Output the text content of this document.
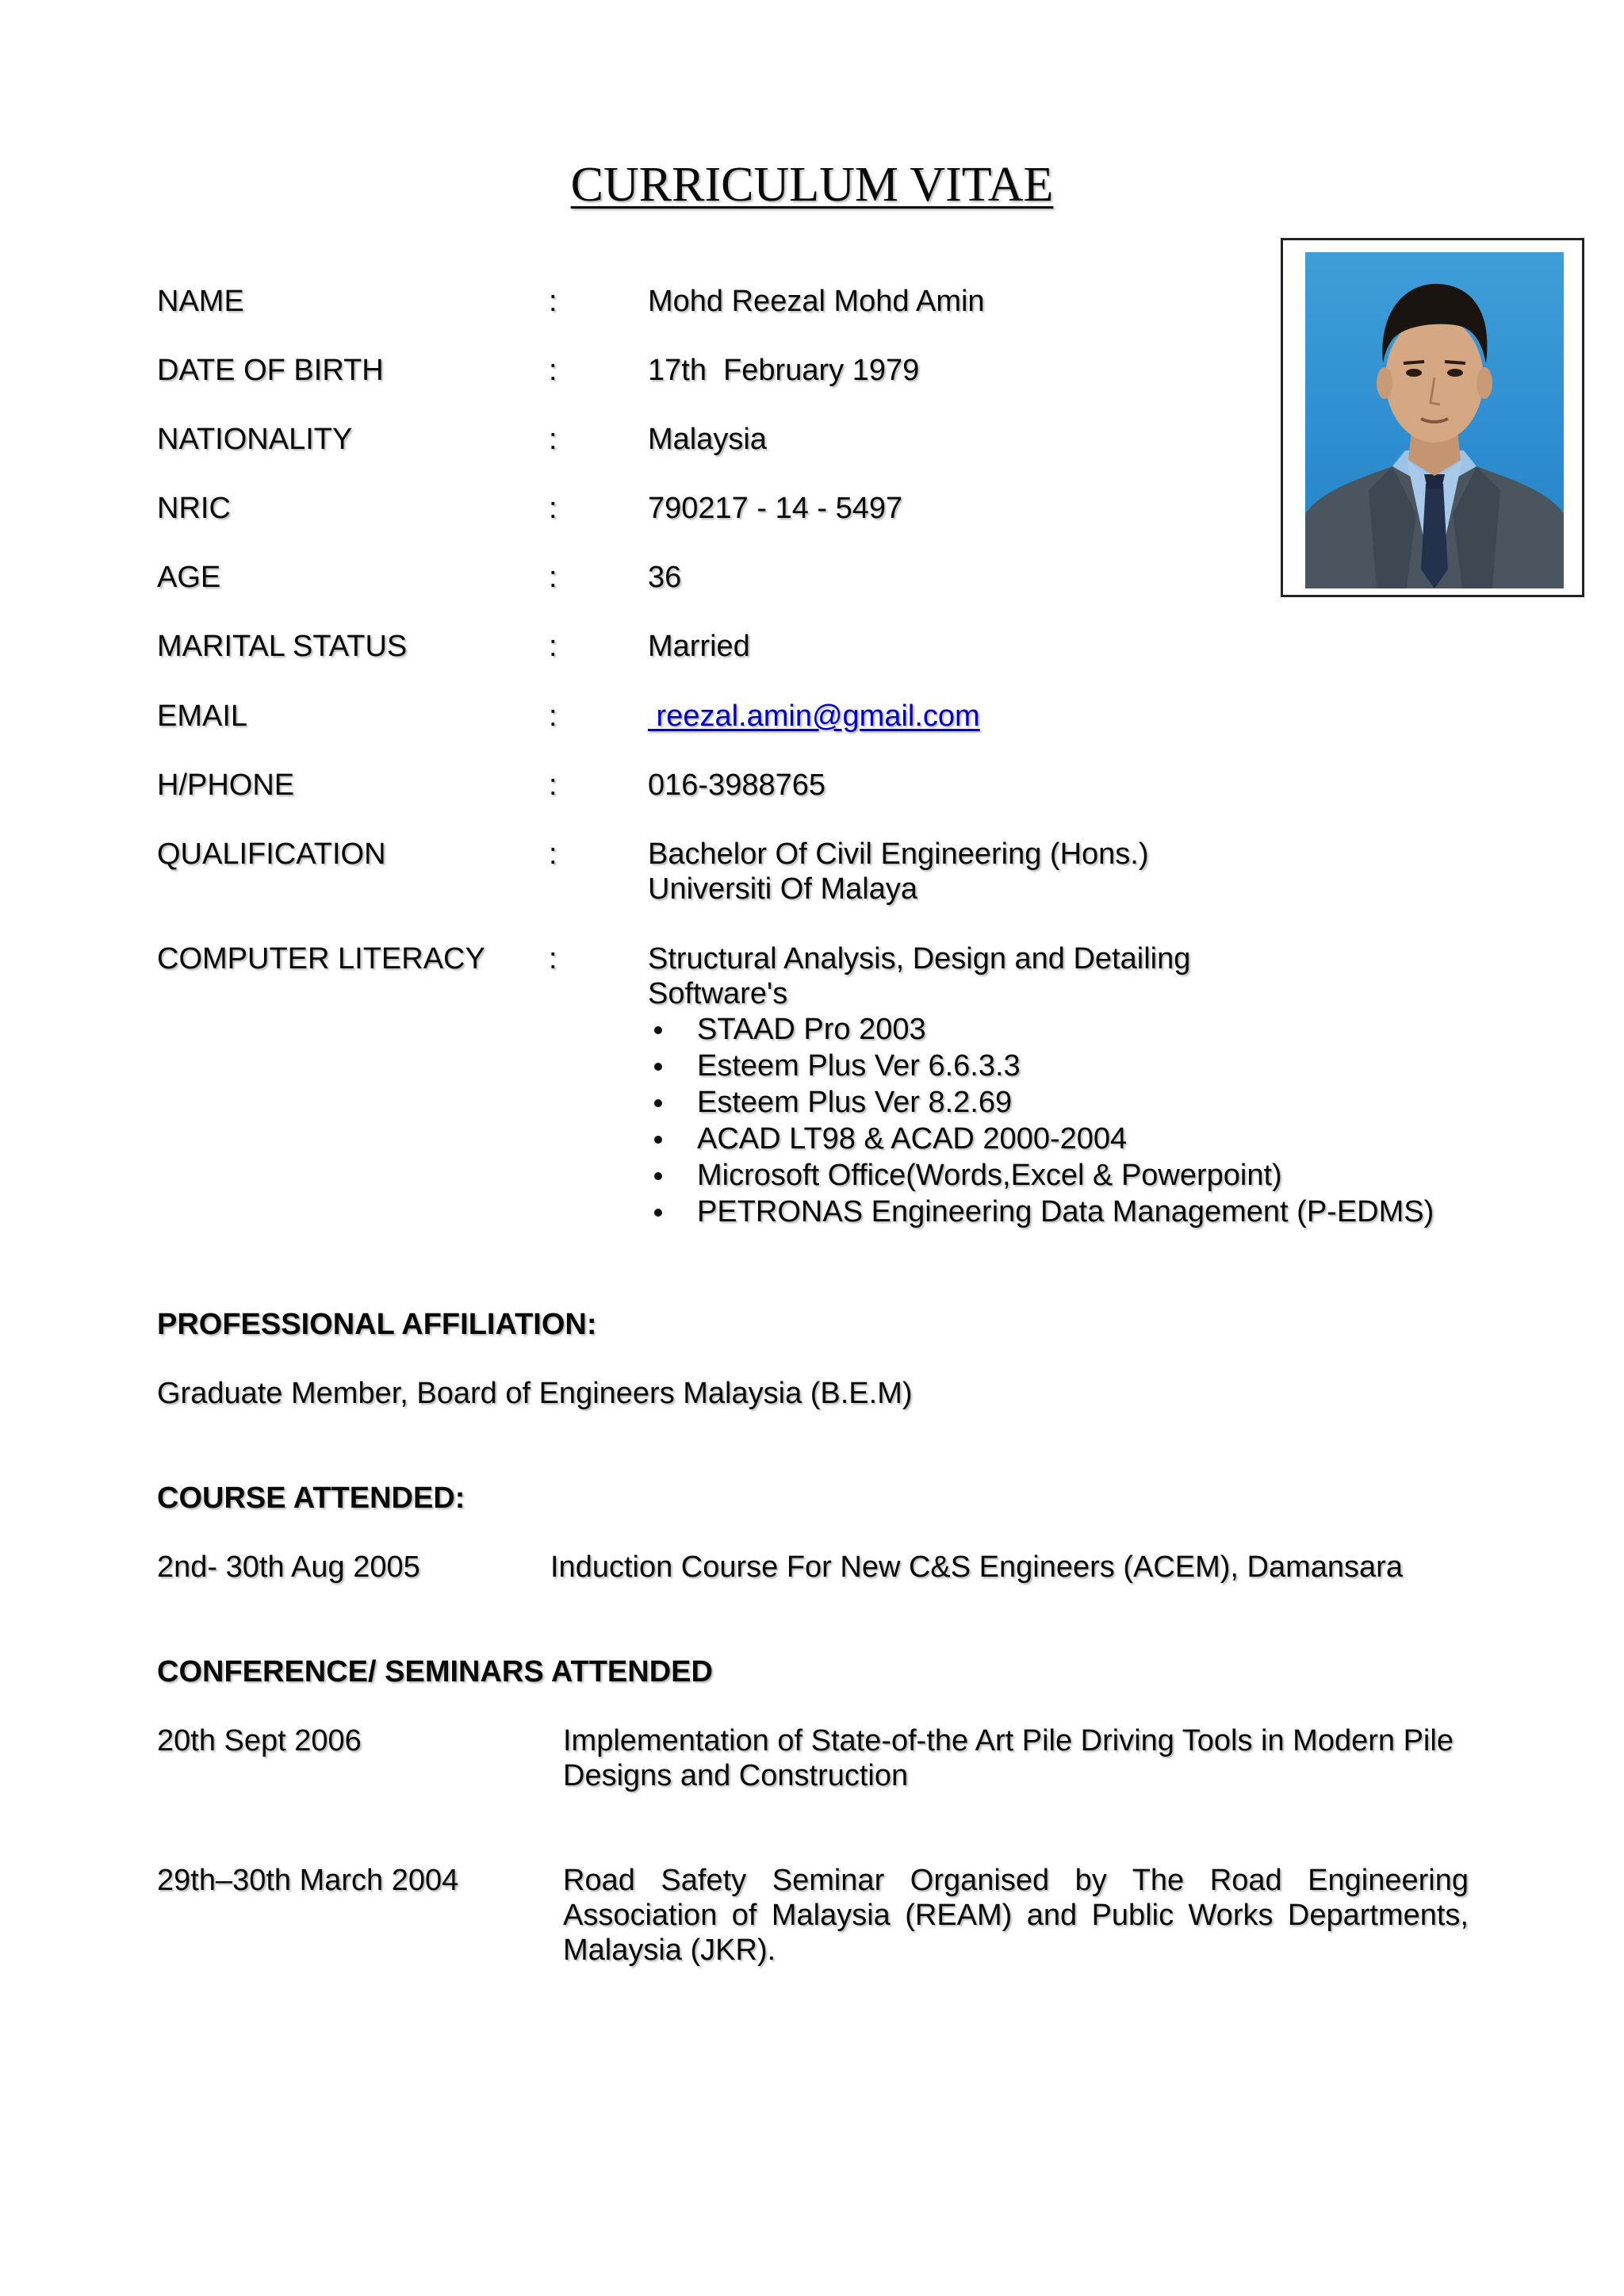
CURRICULUM VITAE
NAME	:	Mohd Reezal Mohd Amin
DATE OF BIRTH	:	17th  February 1979
NATIONALITY	:	Malaysia
NRIC	:	790217 - 14 - 5497
AGE	:	36
MARITAL STATUS	:	Married
EMAIL	:	reezal.amin@gmail.com
H/PHONE	:	016-3988765
QUALIFICATION	:	Bachelor Of Civil Engineering (Hons.)
Universiti Of Malaya
COMPUTER LITERACY :	Structural Analysis, Design and Detailing
Software's
STAAD Pro 2003
Esteem Plus Ver 6.6.3.3
Esteem Plus Ver 8.2.69
ACAD LT98 & ACAD 2000-2004
Microsoft Office(Words,Excel & Powerpoint)
PETRONAS Engineering Data Management (P-EDMS)
PROFESSIONAL AFFILIATION:
Graduate Member, Board of Engineers Malaysia (B.E.M)
COURSE ATTENDED:
2nd- 30th Aug 2005	Induction Course For New C&S Engineers (ACEM), Damansara
CONFERENCE/ SEMINARS ATTENDED
20th Sept 2006	Implementation of State-of-the Art Pile Driving Tools in Modern Pile
Designs and Construction
29th–30th March 2004	Road Safety Seminar Organised by The Road Engineering
Association of Malaysia (REAM) and Public Works Departments,
Malaysia (JKR).
